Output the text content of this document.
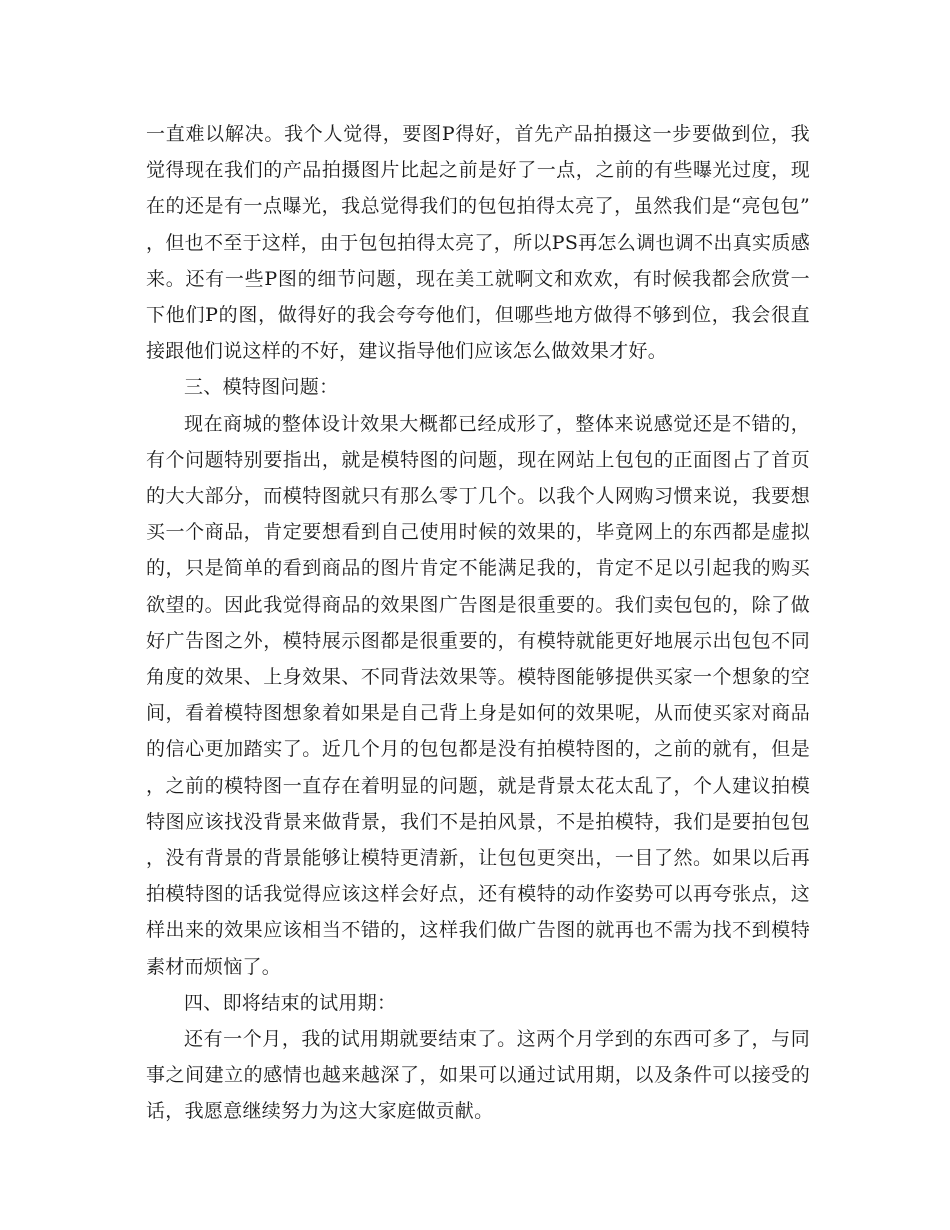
一直难以解决。我个人觉得，要图P得好，首先产品拍摄这一步要做到位，我觉得现在我们的产品拍摄图片比起之前是好了一点，之前的有些曝光过度，现在的还是有一点曝光，我总觉得我们的包包拍得太亮了，虽然我们是“亮包包”，但也不至于这样，由于包包拍得太亮了，所以PS再怎么调也调不出真实质感来。还有一些P图的细节问题，现在美工就啊文和欢欢，有时候我都会欣赏一下他们P的图，做得好的我会夸夸他们，但哪些地方做得不够到位，我会很直接跟他们说这样的不好，建议指导他们应该怎么做效果才好。

三、模特图问题：

现在商城的整体设计效果大概都已经成形了，整体来说感觉还是不错的，有个问题特别要指出，就是模特图的问题，现在网站上包包的正面图占了首页的大大部分，而模特图就只有那么零丁几个。以我个人网购习惯来说，我要想买一个商品，肯定要想看到自己使用时候的效果的，毕竟网上的东西都是虚拟的，只是简单的看到商品的图片肯定不能满足我的，肯定不足以引起我的购买欲望的。因此我觉得商品的效果图广告图是很重要的。我们卖包包的，除了做好广告图之外，模特展示图都是很重要的，有模特就能更好地展示出包包不同角度的效果、上身效果、不同背法效果等。模特图能够提供买家一个想象的空间，看着模特图想象着如果是自己背上身是如何的效果呢，从而使买家对商品的信心更加踏实了。近几个月的包包都是没有拍模特图的，之前的就有，但是，之前的模特图一直存在着明显的问题，就是背景太花太乱了，个人建议拍模特图应该找没背景来做背景，我们不是拍风景，不是拍模特，我们是要拍包包，没有背景的背景能够让模特更清新，让包包更突出，一目了然。如果以后再拍模特图的话我觉得应该这样会好点，还有模特的动作姿势可以再夸张点，这样出来的效果应该相当不错的，这样我们做广告图的就再也不需为找不到模特素材而烦恼了。

四、即将结束的试用期：

还有一个月，我的试用期就要结束了。这两个月学到的东西可多了，与同事之间建立的感情也越来越深了，如果可以通过试用期，以及条件可以接受的话，我愿意继续努力为这大家庭做贡献。
